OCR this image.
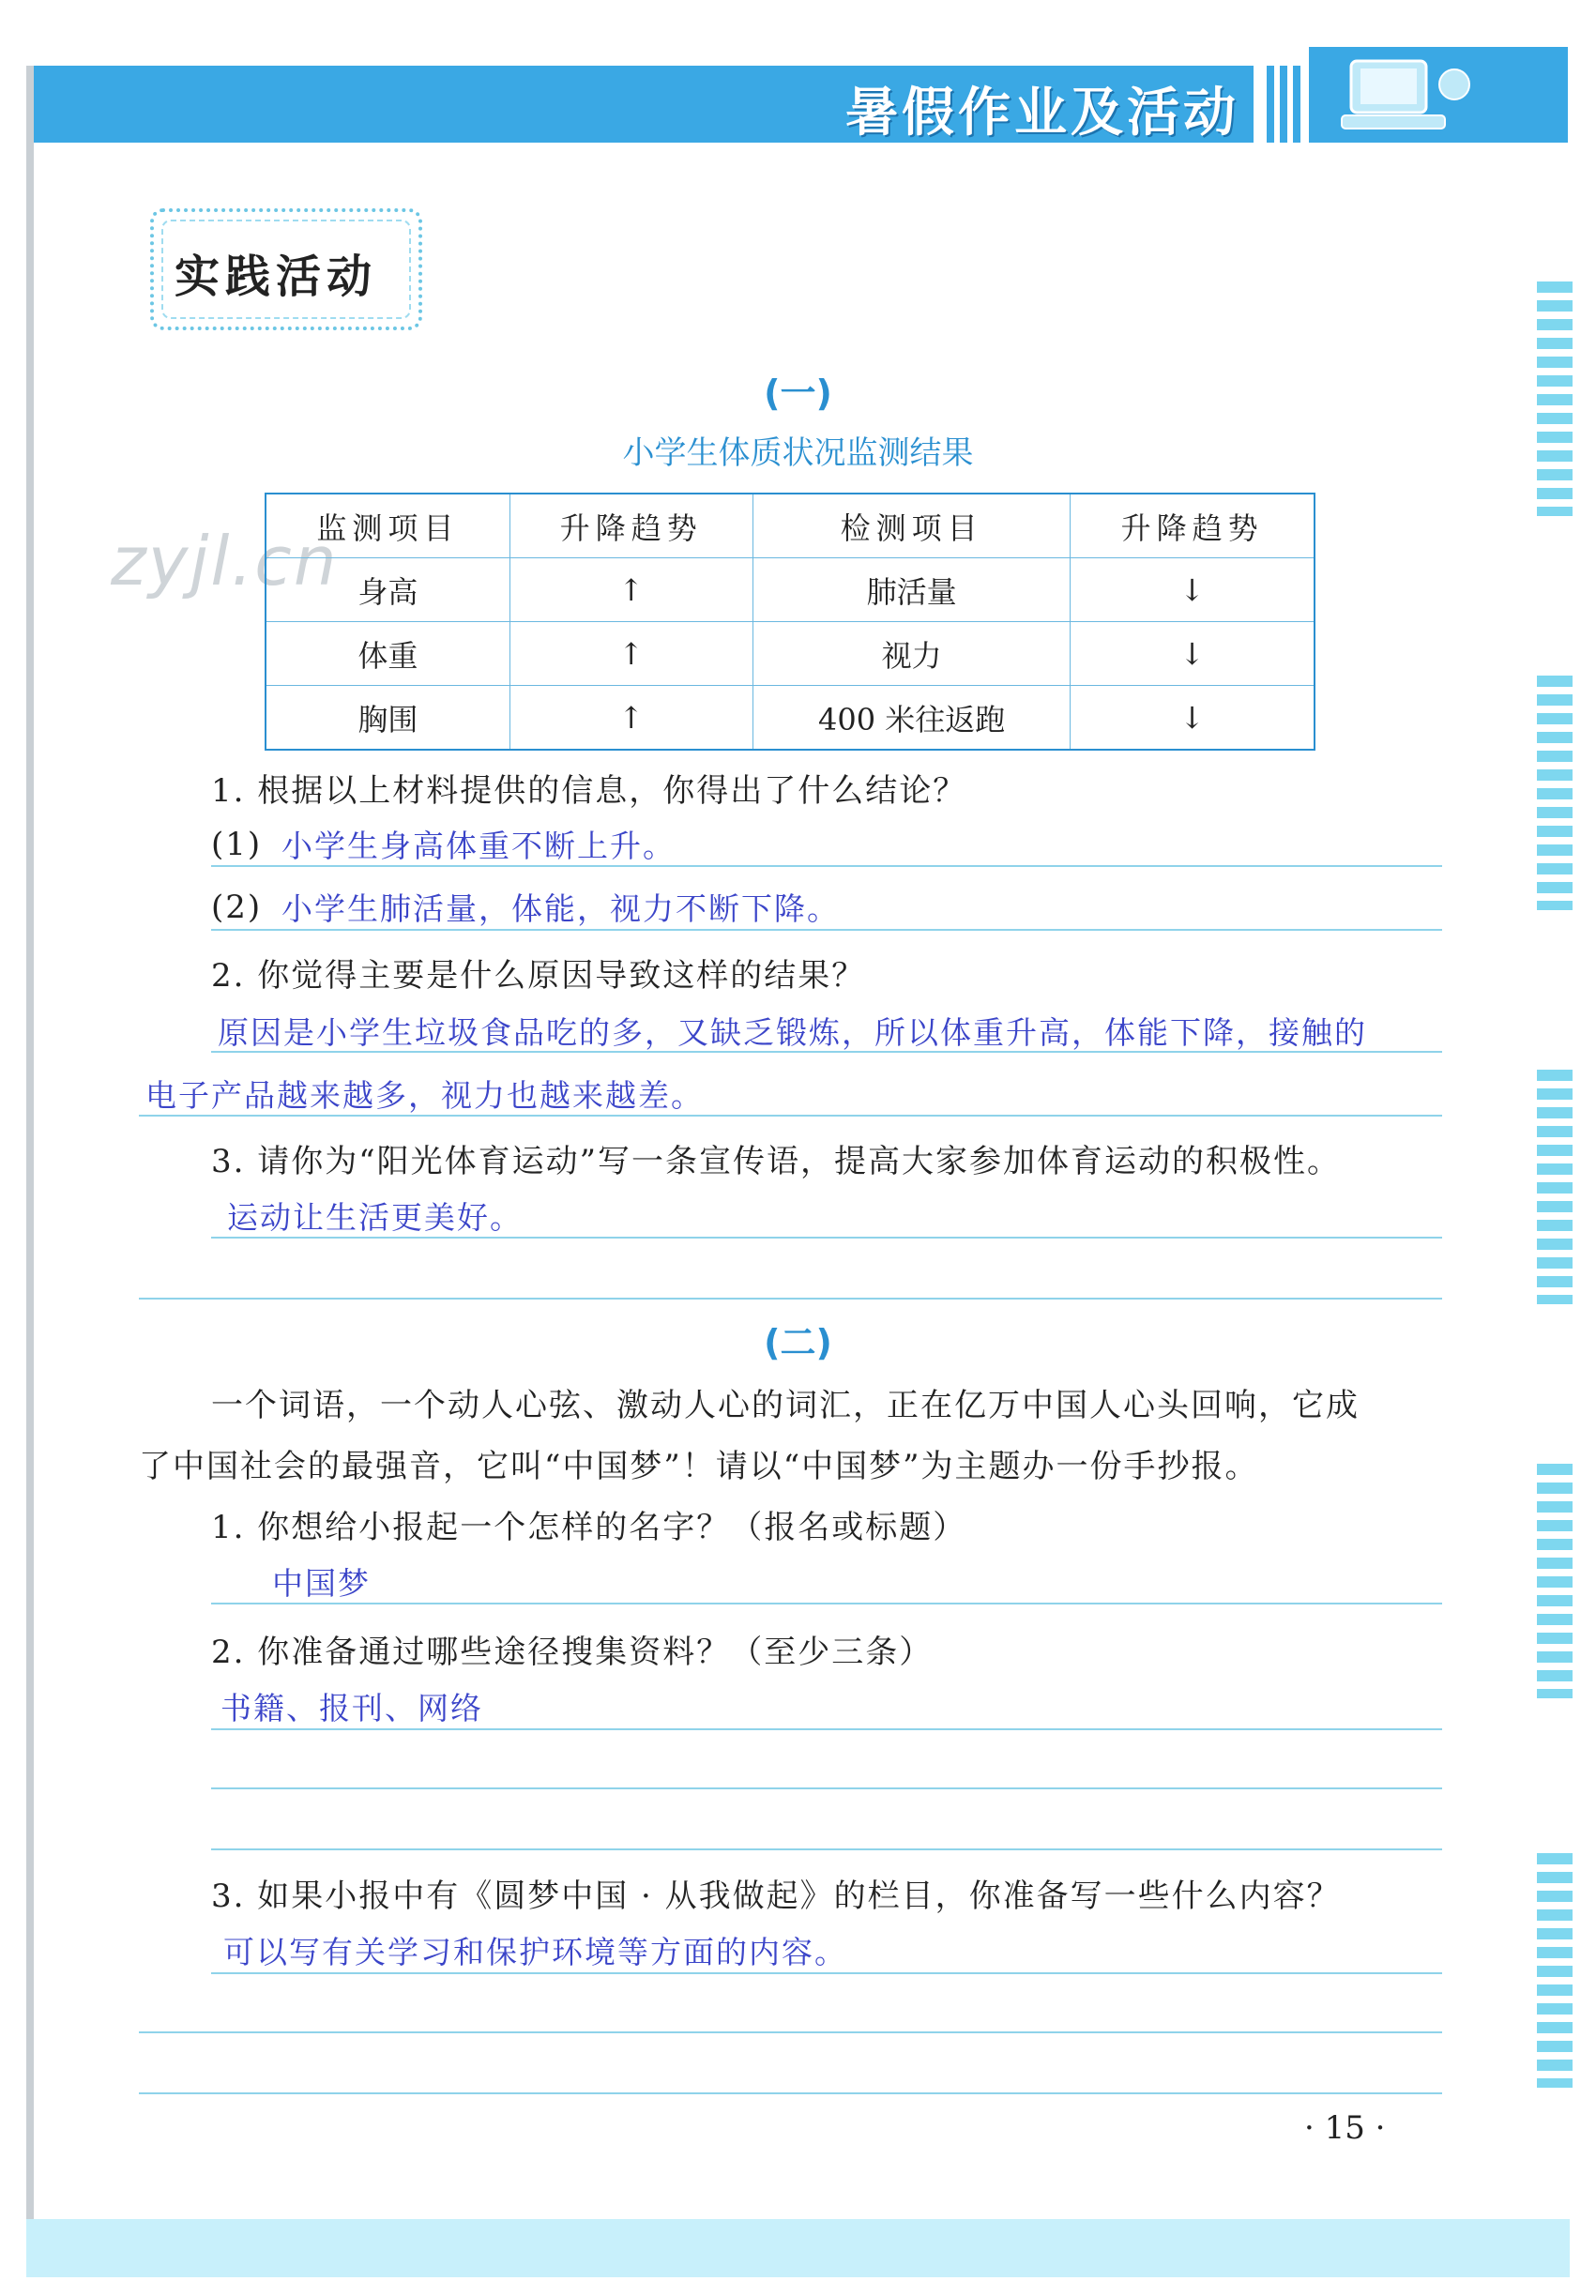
暑假作业及活动
实践活动
(一)
小学生体质状况监测结果
zyjl.cn
监测项目	升降趋势	检测项目	升降趋势
身高	↑	肺活量	↓
体重	↑	视力	↓
胸围	↑	400 米往返跑	↓
1. 根据以上材料提供的信息，你得出了什么结论？
(1) 小学生身高体重不断上升。
(2) 小学生肺活量，体能，视力不断下降。
2. 你觉得主要是什么原因导致这样的结果？
原因是小学生垃圾食品吃的多，又缺乏锻炼，所以体重升高，体能下降，接触的
电子产品越来越多，视力也越来越差。
3. 请你为“阳光体育运动”写一条宣传语，提高大家参加体育运动的积极性。
运动让生活更美好。
(二)
一个词语，一个动人心弦、激动人心的词汇，正在亿万中国人心头回响，它成
了中国社会的最强音，它叫“中国梦”！请以“中国梦”为主题办一份手抄报。
1. 你想给小报起一个怎样的名字？（报名或标题）
中国梦
2. 你准备通过哪些途径搜集资料？（至少三条）
书籍、报刊、网络
3. 如果小报中有《圆梦中国 · 从我做起》的栏目，你准备写一些什么内容？
可以写有关学习和保护环境等方面的内容。
· 15 ·
